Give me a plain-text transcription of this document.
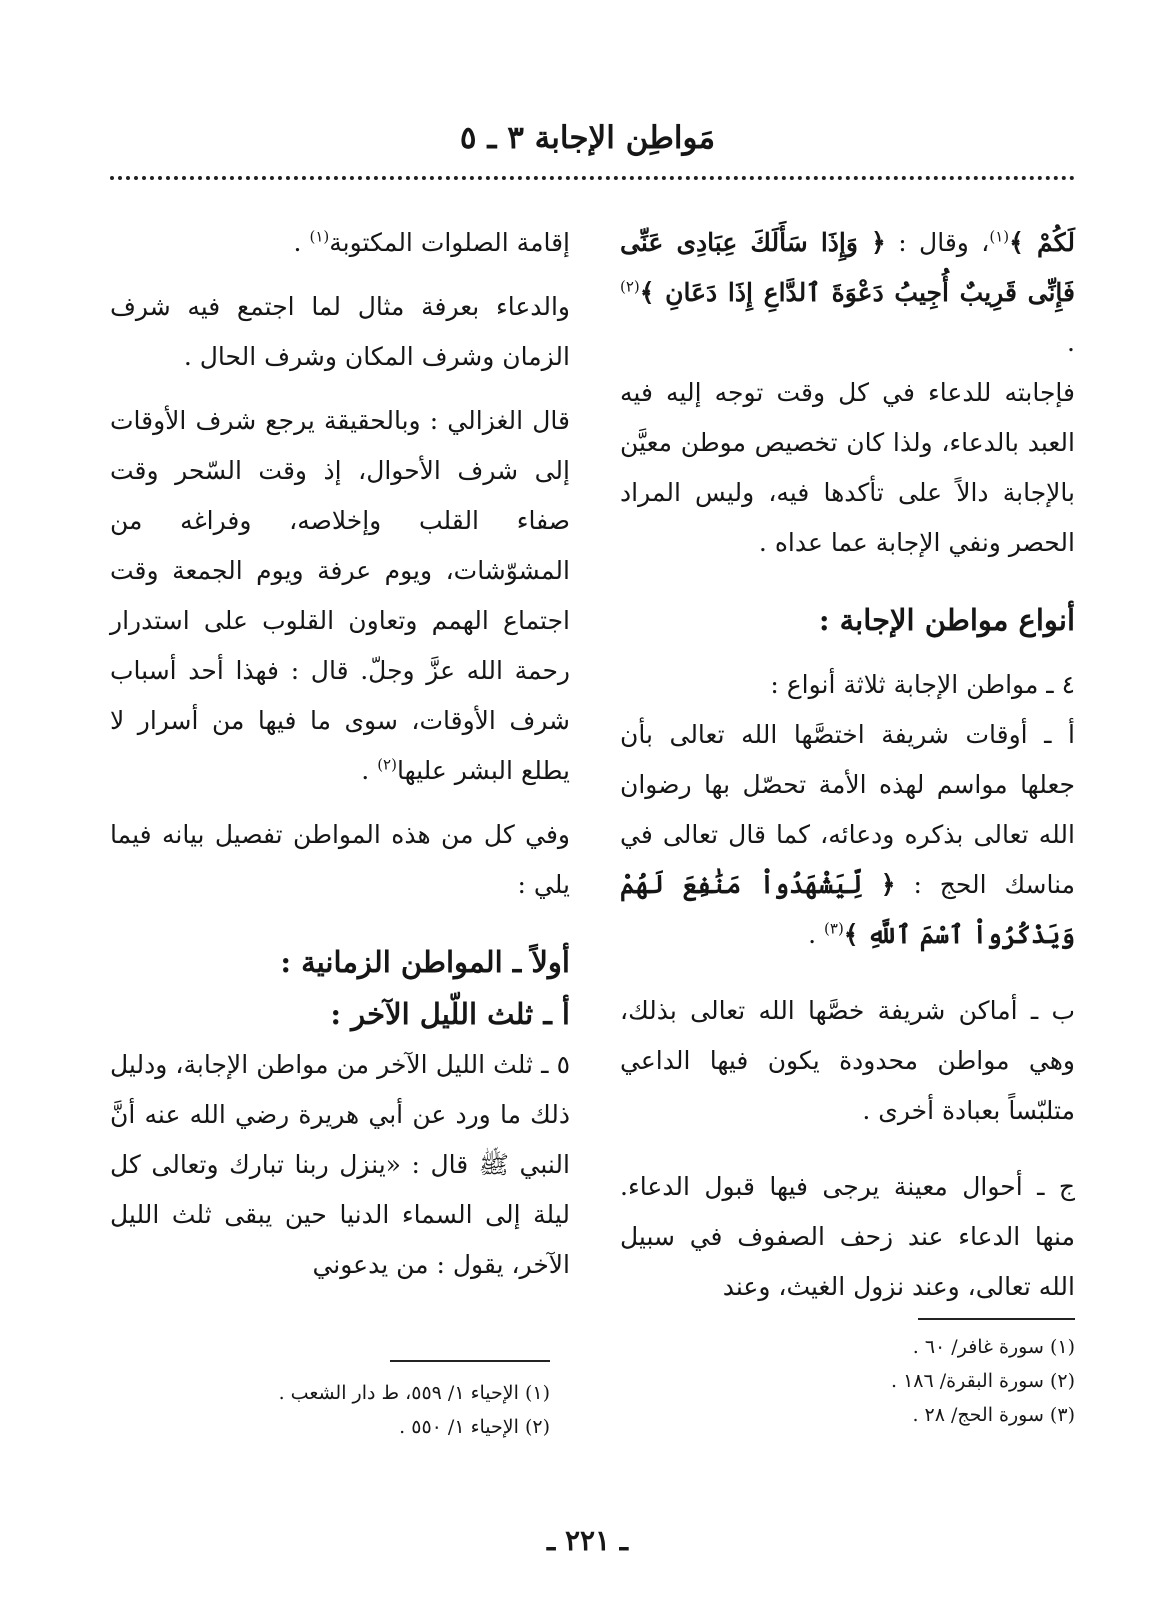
مَواطِن الإجابة ٣ ـ ٥

لَكُمْ ﴾$^{(١)}$، وقال : ﴿ وَإِذَا سَأَلَكَ عِبَادِى عَنِّى فَإِنِّى قَرِيبٌ أُجِيبُ دَعْوَةَ ٱلدَّاعِ إِذَا دَعَانِ ﴾$^{(٢)}$ .

فإجابته للدعاء في كل وقت توجه إليه فيه العبد بالدعاء، ولذا كان تخصيص موطن معيَّن بالإجابة دالاً على تأكدها فيه، وليس المراد الحصر ونفي الإجابة عما عداه .

أنواع مواطن الإجابة :

٤ ـ مواطن الإجابة ثلاثة أنواع :

أ ـ أوقات شريفة اختصَّها الله تعالى بأن جعلها مواسم لهذه الأمة تحصّل بها رضوان الله تعالى بذكره ودعائه، كما قال تعالى في مناسك الحج : ﴿ لِّيَشْهَدُواْ مَنَٰفِعَ لَهُمْ وَيَذْكُرُواْ ٱسْمَ ٱللَّهِ ﴾$^{(٣)}$ .

ب ـ أماكن شريفة خصَّها الله تعالى بذلك، وهي مواطن محدودة يكون فيها الداعي متلبّساً بعبادة أخرى .

ج ـ أحوال معينة يرجى فيها قبول الدعاء. منها الدعاء عند زحف الصفوف في سبيل الله تعالى، وعند نزول الغيث، وعند

إقامة الصلوات المكتوبة$^{(١)}$ .

والدعاء بعرفة مثال لما اجتمع فيه شرف الزمان وشرف المكان وشرف الحال .

قال الغزالي : وبالحقيقة يرجع شرف الأوقات إلى شرف الأحوال، إذ وقت السّحر وقت صفاء القلب وإخلاصه، وفراغه من المشوّشات، ويوم عرفة ويوم الجمعة وقت اجتماع الهمم وتعاون القلوب على استدرار رحمة الله عزَّ وجلّ. قال : فهذا أحد أسباب شرف الأوقات، سوى ما فيها من أسرار لا يطلع البشر عليها$^{(٢)}$ .

وفي كل من هذه المواطن تفصيل بيانه فيما يلي :

أولاً ـ المواطن الزمانية :

أ ـ ثلث اللّيل الآخر :

٥ ـ ثلث الليل الآخر من مواطن الإجابة، ودليل ذلك ما ورد عن أبي هريرة رضي الله عنه أنَّ النبي ﷺ قال : «ينزل ربنا تبارك وتعالى كل ليلة إلى السماء الدنيا حين يبقى ثلث الليل الآخر، يقول : من يدعوني

(١) سورة غافر/ ٦٠ .

(٢) سورة البقرة/ ١٨٦ .

(٣) سورة الحج/ ٢٨ .

(١) الإحياء ١/ ٥٥٩، ط دار الشعب .

(٢) الإحياء ١/ ٥٥٠ .

ـ ٢٢١ ـ
